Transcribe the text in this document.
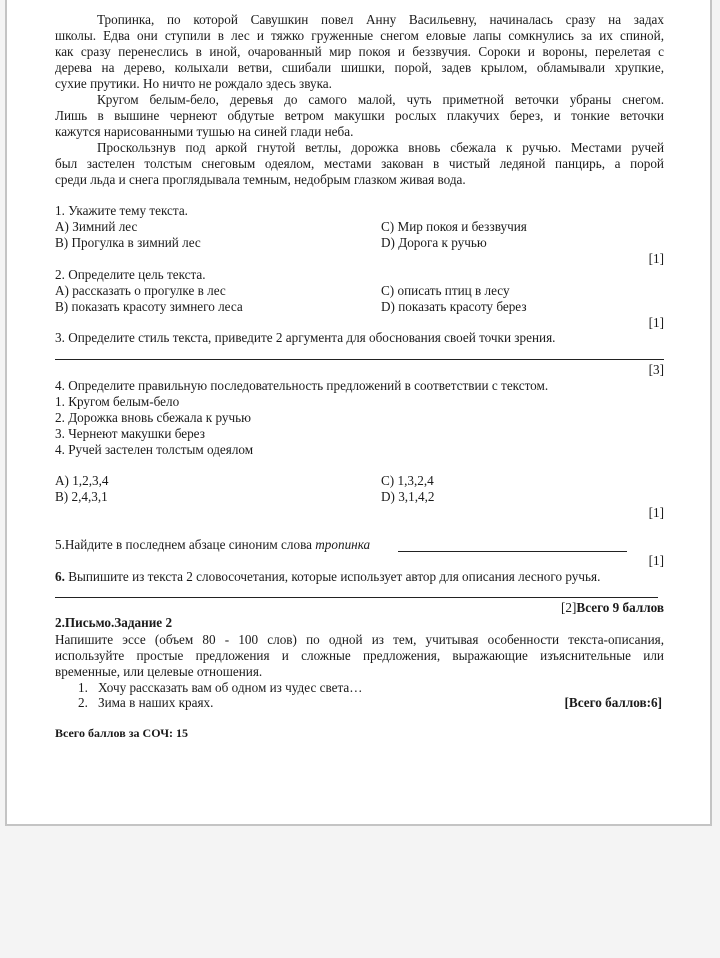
Тропинка, по которой Савушкин повел Анну Васильевну, начиналась сразу на задах
школы. Едва они ступили в лес и тяжко груженные снегом еловые лапы сомкнулись за их спиной,
как сразу перенеслись в иной, очарованный мир покоя и беззвучия. Сороки и вороны, перелетая с
дерева на дерево, колыхали ветви, сшибали шишки, порой, задев крылом, обламывали хрупкие,
сухие прутики. Но ничто не рождало здесь звука.
Кругом белым-бело, деревья до самого малой, чуть приметной веточки убраны снегом.
Лишь в вышине чернеют обдутые ветром макушки рослых плакучих берез, и тонкие веточки
кажутся нарисованными тушью на синей глади неба.
Проскользнув под аркой гнутой ветлы, дорожка вновь сбежала к ручью. Местами ручей
был застелен толстым снеговым одеялом, местами закован в чистый ледяной панцирь, а порой
среди льда и снега проглядывала темным, недобрым глазком живая вода.
1. Укажите тему текста.
A) Зимний лес	C) Мир покоя и беззвучия
B) Прогулка в зимний лес	D) Дорога к ручью
[1]
2. Определите цель текста.
A) рассказать о прогулке в лес	C) описать птиц в лесу
B) показать красоту зимнего леса	D) показать красоту берез
[1]
3. Определите стиль текста, приведите 2 аргумента для обоснования своей точки зрения.
[3]
4. Определите правильную последовательность предложений в соответствии с текстом.
1. Кругом белым-бело
2. Дорожка вновь сбежала к ручью
3. Чернеют макушки берез
4. Ручей застелен толстым одеялом
A) 1,2,3,4	C) 1,3,2,4
B) 2,4,3,1	D) 3,1,4,2
[1]
5.Найдите в последнем абзаце синоним слова тропинка
[1]
6. Выпишите из текста 2 словосочетания, которые использует автор для описания лесного ручья.
[2]Всего 9 баллов
2.Письмо.Задание 2
Напишите эссе (объем 80 - 100 слов) по одной из тем, учитывая особенности текста-описания,
используйте простые предложения и сложные предложения, выражающие изъяснительные или
временные, или целевые отношения.
1. Хочу рассказать вам об одном из чудес света…
2. Зима в наших краях.	[Всего баллов:6]
Всего баллов за СОЧ: 15
